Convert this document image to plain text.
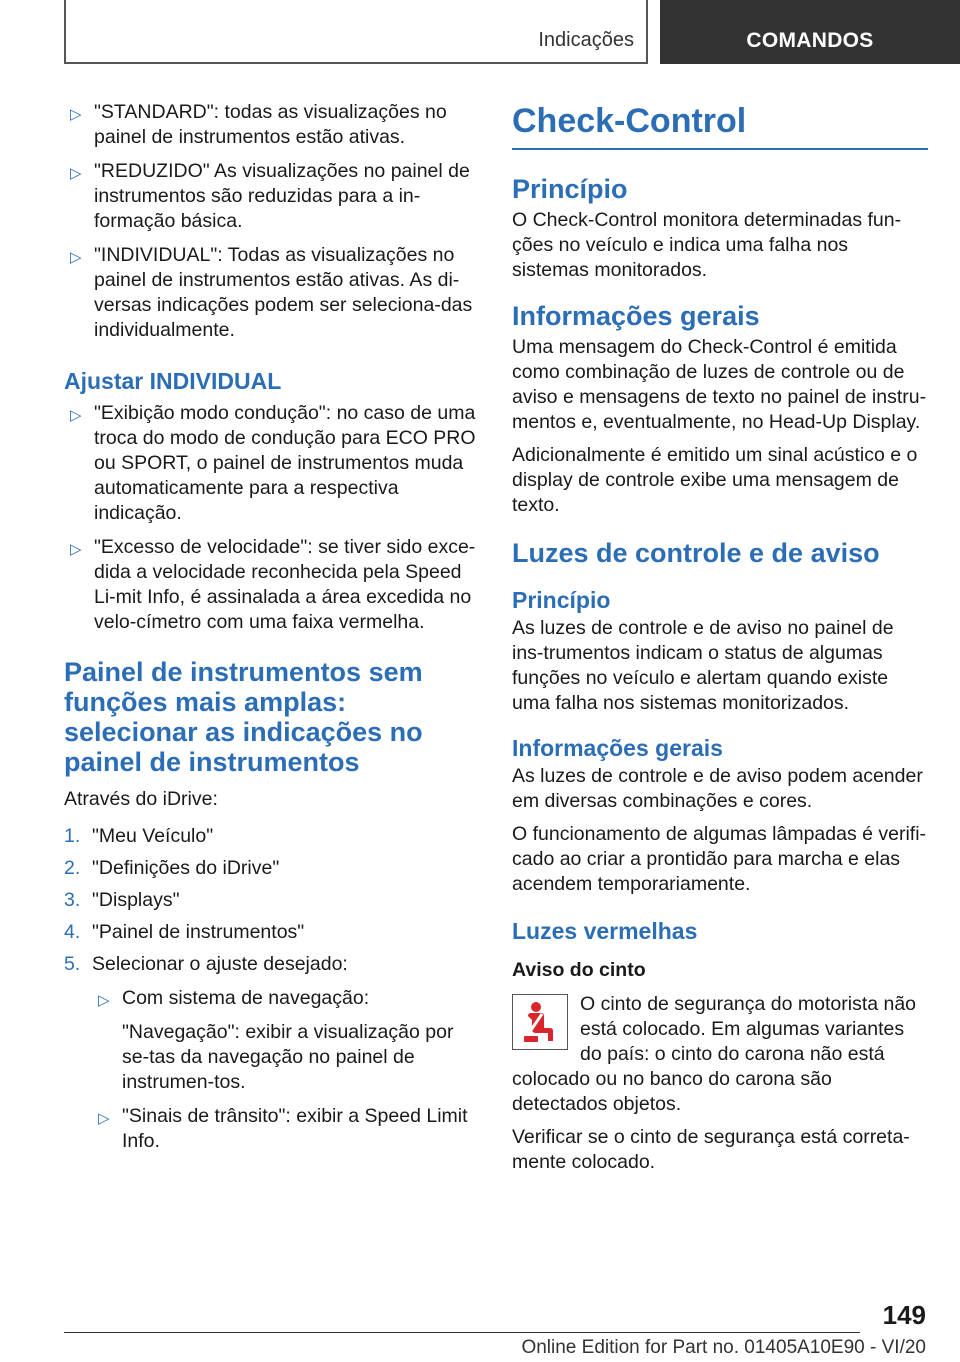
Indicações	COMANDOS
▷ "STANDARD": todas as visualizações no painel de instrumentos estão ativas.
▷ "REDUZIDO" As visualizações no painel de instrumentos são reduzidas para a in-formação básica.
▷ "INDIVIDUAL": Todas as visualizações no painel de instrumentos estão ativas. As di-versas indicações podem ser seleciona-das individualmente.
Ajustar INDIVIDUAL
▷ "Exibição modo condução": no caso de uma troca do modo de condução para ECO PRO ou SPORT, o painel de instrumentos muda automaticamente para a respectiva indicação.
▷ "Excesso de velocidade": se tiver sido exce-dida a velocidade reconhecida pela Speed Li-mit Info, é assinalada a área excedida no velo-címetro com uma faixa vermelha.
Painel de instrumentos sem funções mais amplas: selecionar as indicações no painel de instrumentos

Através do iDrive:

1. "Meu Veículo"
2. "Definições do iDrive"
3. "Displays"
4. "Painel de instrumentos"
5. Selecionar o ajuste desejado:
▷ Com sistema de navegação:
"Navegação": exibir a visualização por se-tas da navegação no painel de instrumen-tos.
▷ "Sinais de trânsito": exibir a Speed Limit Info.
Check-Control
Princípio

O Check-Control monitora determinadas fun-ções no veículo e indica uma falha nos sistemas monitorados.

Informações gerais

Uma mensagem do Check-Control é emitida como combinação de luzes de controle ou de aviso e mensagens de texto no painel de instru-mentos e, eventualmente, no Head-Up Display.

Adicionalmente é emitido um sinal acústico e o display de controle exibe uma mensagem de texto.

Luzes de controle e de aviso
Princípio

As luzes de controle e de aviso no painel de ins-trumentos indicam o status de algumas funções no veículo e alertam quando existe uma falha nos sistemas monitorizados.

Informações gerais

As luzes de controle e de aviso podem acender em diversas combinações e cores.

O funcionamento de algumas lâmpadas é verifi-cado ao criar a prontidão para marcha e elas acendem temporariamente.

Luzes vermelhas
Aviso do cinto

O cinto de segurança do motorista não está colocado. Em algumas variantes do país: o cinto do carona não está colocado ou no banco do carona são detectados objetos.

Verificar se o cinto de segurança está correta-mente colocado.

149
Online Edition for Part no. 01405A10E90 - VI/20
